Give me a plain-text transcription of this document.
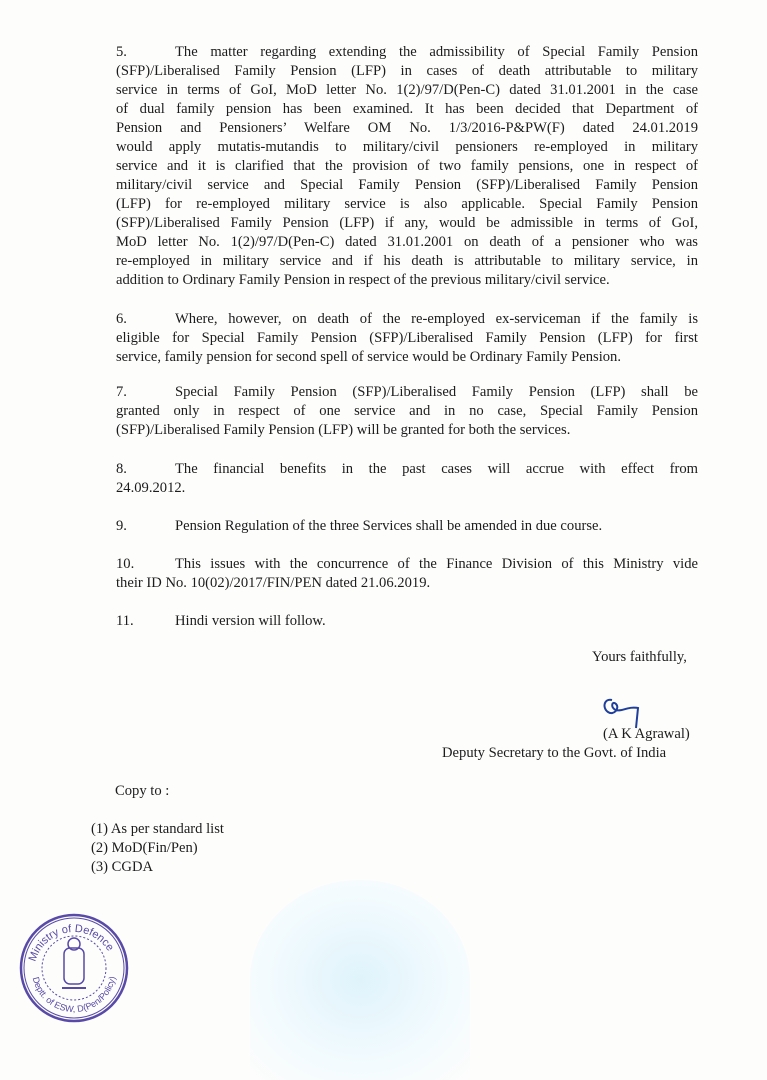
5.	The matter regarding extending the admissibility of Special Family Pension
(SFP)/Liberalised Family Pension (LFP) in cases of death attributable to military
service in terms of GoI, MoD letter No. 1(2)/97/D(Pen-C) dated 31.01.2001 in the case
of dual family pension has been examined. It has been decided that Department of
Pension and Pensioners’ Welfare OM No. 1/3/2016-P&PW(F) dated 24.01.2019
would apply mutatis-mutandis to military/civil pensioners re-employed in military
service and it is clarified that the provision of two family pensions, one in respect of
military/civil service and Special Family Pension (SFP)/Liberalised Family Pension
(LFP) for re-employed military service is also applicable. Special Family Pension
(SFP)/Liberalised Family Pension (LFP) if any, would be admissible in terms of GoI,
MoD letter No. 1(2)/97/D(Pen-C) dated 31.01.2001 on death of a pensioner who was
re-employed in military service and if his death is attributable to military service, in
addition to Ordinary Family Pension in respect of the previous military/civil service.
6.	Where, however, on death of the re-employed ex-serviceman if the family is
eligible for Special Family Pension (SFP)/Liberalised Family Pension (LFP) for first
service, family pension for second spell of service would be Ordinary Family Pension.
7.	Special Family Pension (SFP)/Liberalised Family Pension (LFP) shall be
granted only in respect of one service and in no case, Special Family Pension
(SFP)/Liberalised Family Pension (LFP) will be granted for both the services.
8.	The financial benefits in the past cases will accrue with effect from
24.09.2012.
9.	Pension Regulation of the three Services shall be amended in due course.
10.	This issues with the concurrence of the Finance Division of this Ministry vide
their ID No. 10(02)/2017/FIN/PEN dated 21.06.2019.
11.	Hindi version will follow.
Yours faithfully,
(A K Agrawal)
Deputy Secretary to the Govt. of India
Copy to :
(1) As per standard list
(2) MoD(Fin/Pen)
(3) CGDA
Ministry of Defence
Deptt. of ESW, D(Pen/Policy)
